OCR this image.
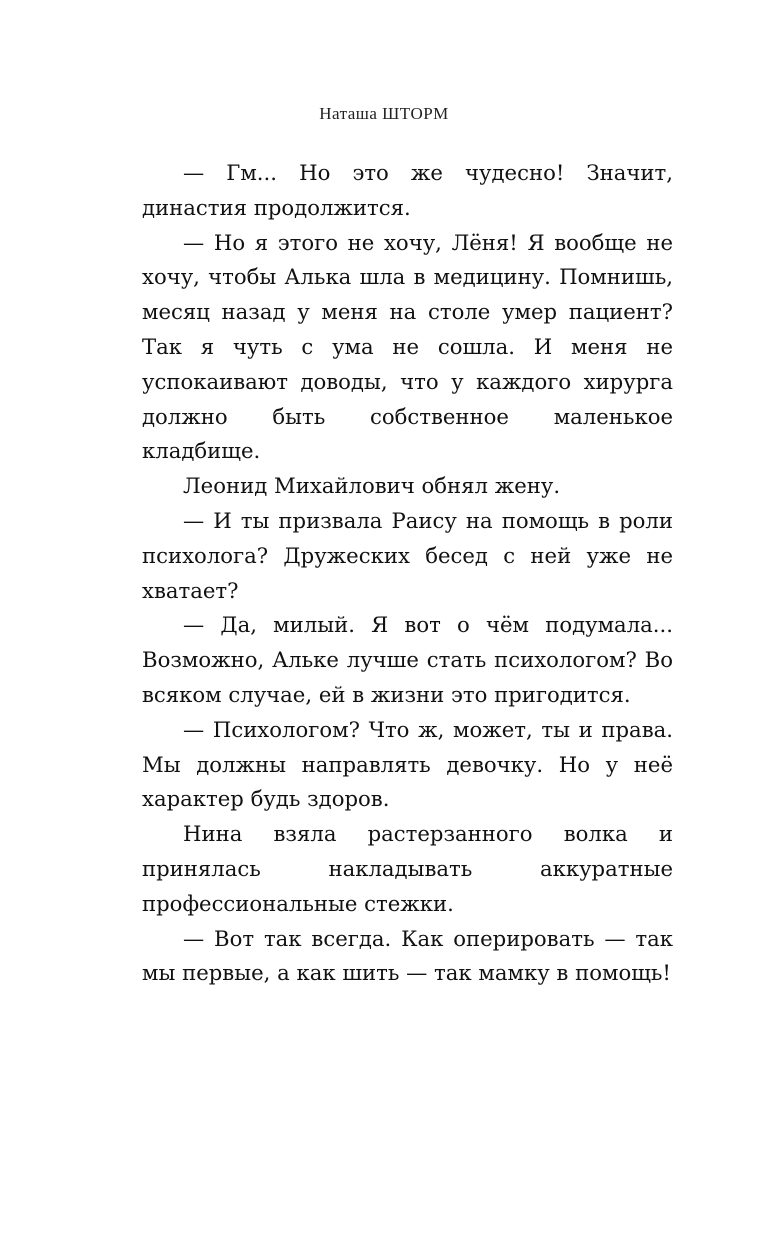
Наташа ШТОРМ

— Гм... Но это же чудесно! Значит, династия продолжится.

— Но я этого не хочу, Лёня! Я вообще не хочу, чтобы Алька шла в медицину. Помнишь, месяц назад у меня на столе умер пациент? Так я чуть с ума не сошла. И меня не успокаивают доводы, что у каждого хирурга должно быть собственное маленькое кладбище.

Леонид Михайлович обнял жену.

— И ты призвала Раису на помощь в роли психолога? Дружеских бесед с ней уже не хватает?

— Да, милый. Я вот о чём подумала... Возможно, Альке лучше стать психологом? Во всяком случае, ей в жизни это пригодится.

— Психологом? Что ж, может, ты и права. Мы должны направлять девочку. Но у неё характер будь здоров.

Нина взяла растерзанного волка и принялась накладывать аккуратные профессиональные стежки.

— Вот так всегда. Как оперировать — так мы первые, а как шить — так мамку в помощь!
